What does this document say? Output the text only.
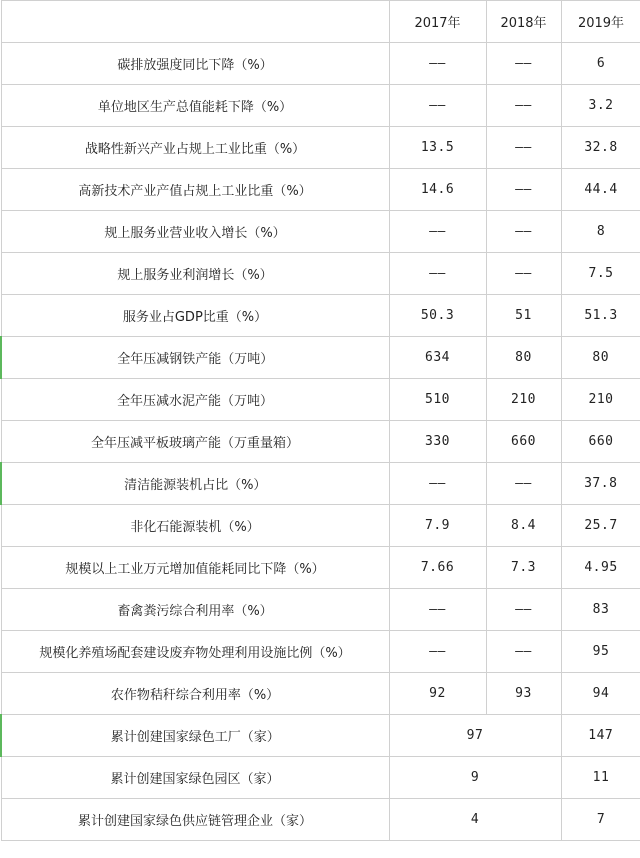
	2017年	2018年	2019年
碳排放强度同比下降（%）	——	——	6
单位地区生产总值能耗下降（%）	——	——	3.2
战略性新兴产业占规上工业比重（%）	13.5	——	32.8
高新技术产业产值占规上工业比重（%）	14.6	——	44.4
规上服务业营业收入增长（%）	——	——	8
规上服务业利润增长（%）	——	——	7.5
服务业占GDP比重（%）	50.3	51	51.3
全年压减钢铁产能（万吨）	634	80	80
全年压减水泥产能（万吨）	510	210	210
全年压减平板玻璃产能（万重量箱）	330	660	660
清洁能源装机占比（%）	——	——	37.8
非化石能源装机（%）	7.9	8.4	25.7
规模以上工业万元增加值能耗同比下降（%）	7.66	7.3	4.95
畜禽粪污综合利用率（%）	——	——	83
规模化养殖场配套建设废弃物处理利用设施比例（%）	——	——	95
农作物秸秆综合利用率（%）	92	93	94
累计创建国家绿色工厂（家）	97		147
累计创建国家绿色园区（家）	9		11
累计创建国家绿色供应链管理企业（家）	4		7
